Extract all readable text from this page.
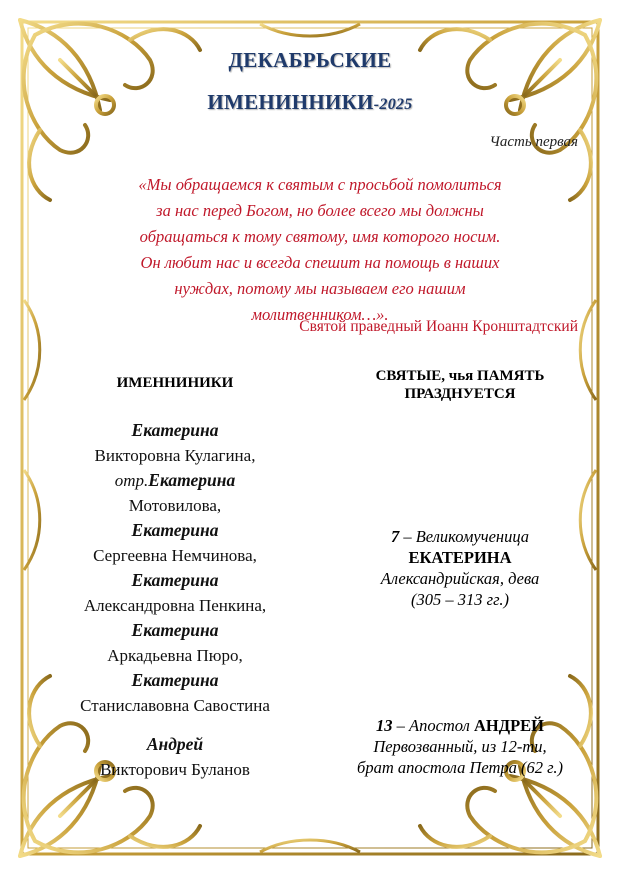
ДЕКАБРЬСКИЕ
ИМЕНИННИКИ-2025
Часть первая
«Мы обращаемся к святым с просьбой помолиться
за нас перед Богом, но более всего мы должны
обращаться к тому святому, имя которого носим.
Он любит нас и всегда спешит на помощь в наших
нуждах, потому мы называем его нашим
молитвенником…».
Святой праведный Иоанн Кронштадтский
ИМЕННИНИКИ	СВЯТЫЕ, чья ПАМЯТЬ
ПРАЗДНУЕТСЯ
Екатерина
Викторовна Кулагина,
отр.Екатерина
Мотовилова,
Екатерина
Сергеевна Немчинова,
Екатерина
Александровна Пенкина,
Екатерина
Аркадьевна Пюро,
Екатерина
Станиславовна Савостина
Андрей
Викторович Буланов
7 – Великомученица
ЕКАТЕРИНА
Александрийская, дева
(305 – 313 гг.)
13 – Апостол АНДРЕЙ
Первозванный, из 12-ти,
брат апостола Петра (62 г.)
